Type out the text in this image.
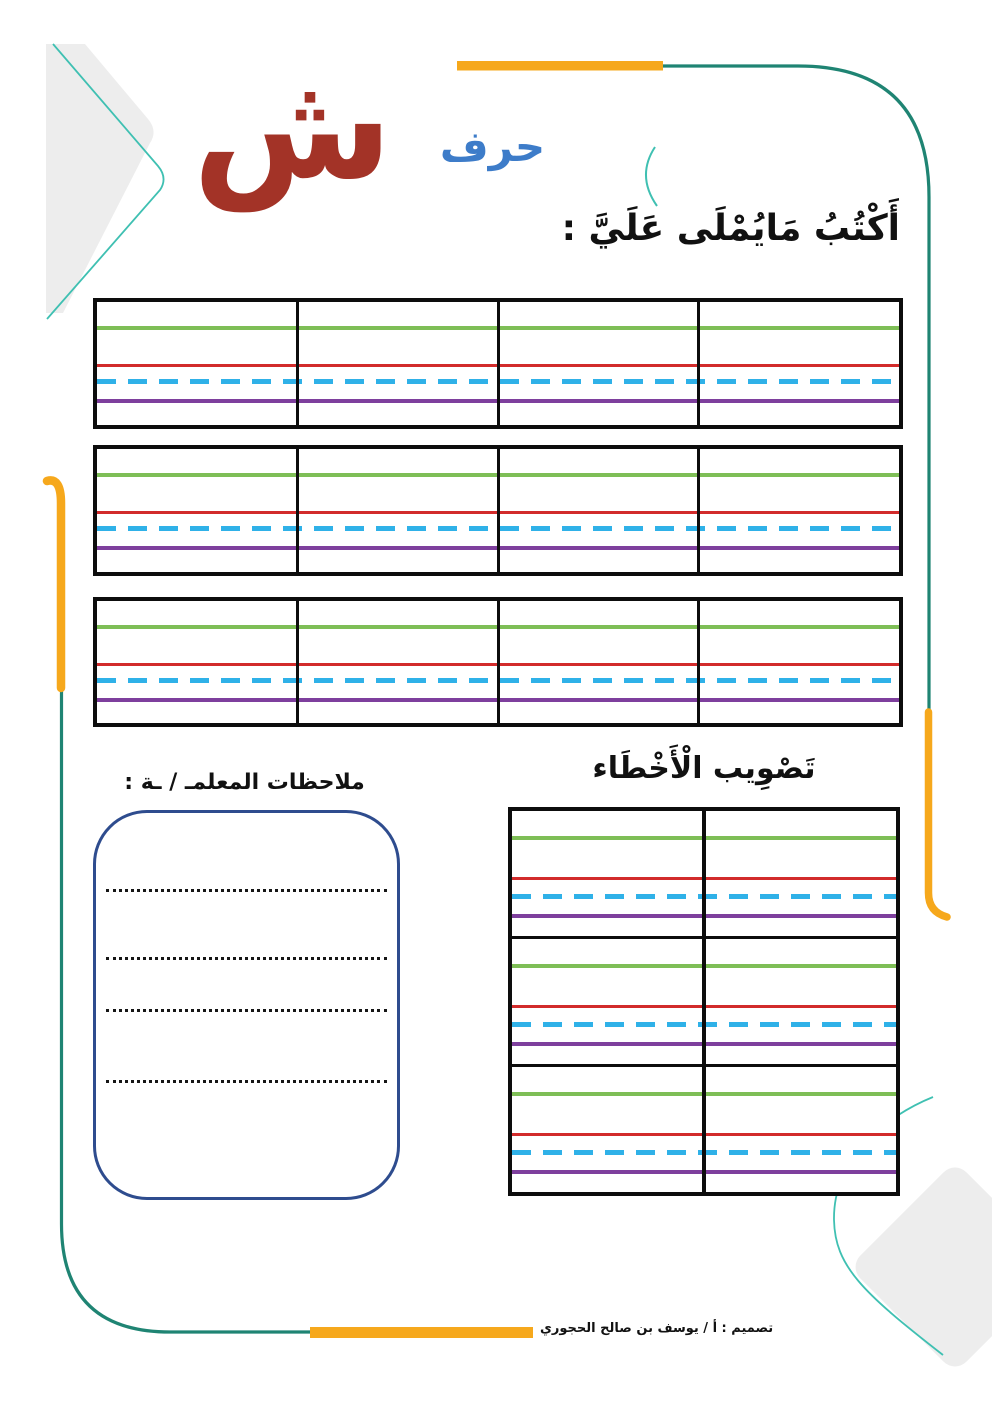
ش	حرف
أَكْتُبُ مَايُمْلَى عَلَيَّ :
تَصْوِيب الْأَخْطَاء
ملاحظات المعلمـ / ـة :
تصميم : أ / يوسف بن صالح الحجوري
